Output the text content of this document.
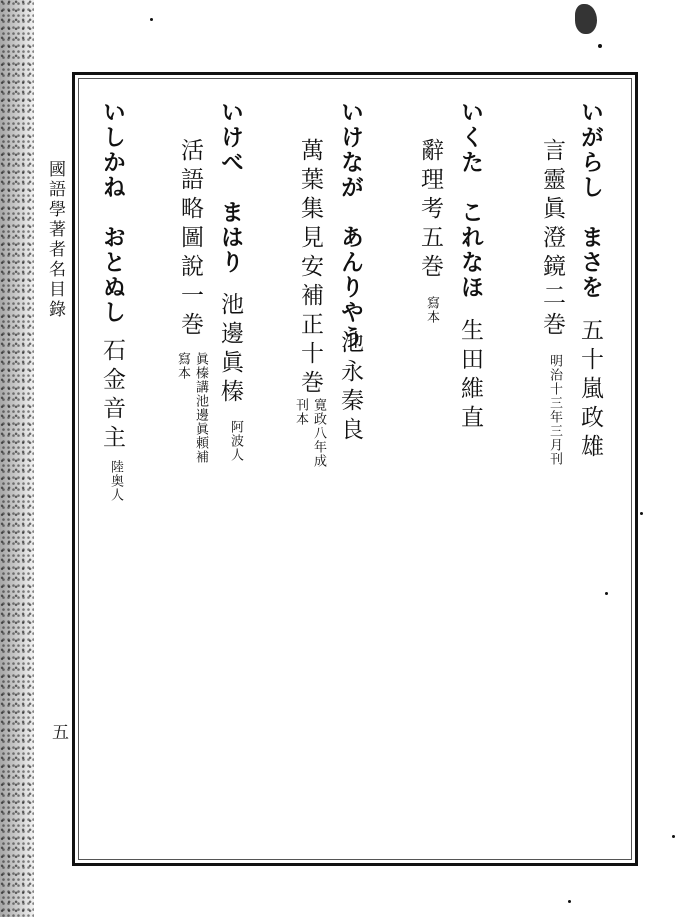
國語學著者名目錄
五
いがらし　まさを
五十嵐政雄
言靈眞澄鏡二巻
明治十三年三月刊
いくた　これなほ
生田維直
辭理考五巻
寫本
いけなが　あんりやう
池永秦良
萬葉集見安補正十巻
寛政八年成
刊本
いけべ　まはり
池邊眞榛
阿波人
活語略圖說一巻
眞榛講池邊眞頼補
寫本
いしかね　おとぬし
石金音主
陸奥人
